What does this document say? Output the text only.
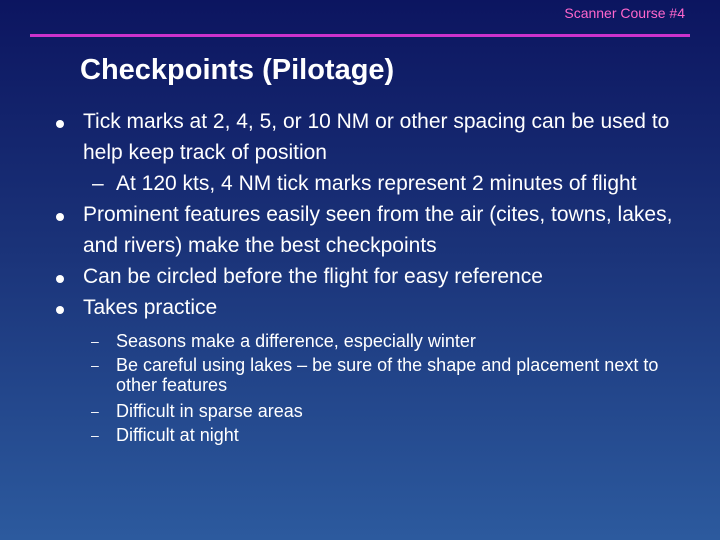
Scanner Course #4
Checkpoints (Pilotage)
Tick marks at 2, 4, 5, or 10 NM or other spacing can be used to help keep track of position
– At 120 kts, 4 NM tick marks represent 2 minutes of flight
Prominent features easily seen from the air (cites, towns, lakes, and rivers) make the best checkpoints
Can be circled before the flight for easy reference
Takes practice
– Seasons make a difference, especially winter
– Be careful using lakes – be sure of the shape and placement next to other features
– Difficult in sparse areas
– Difficult at night
